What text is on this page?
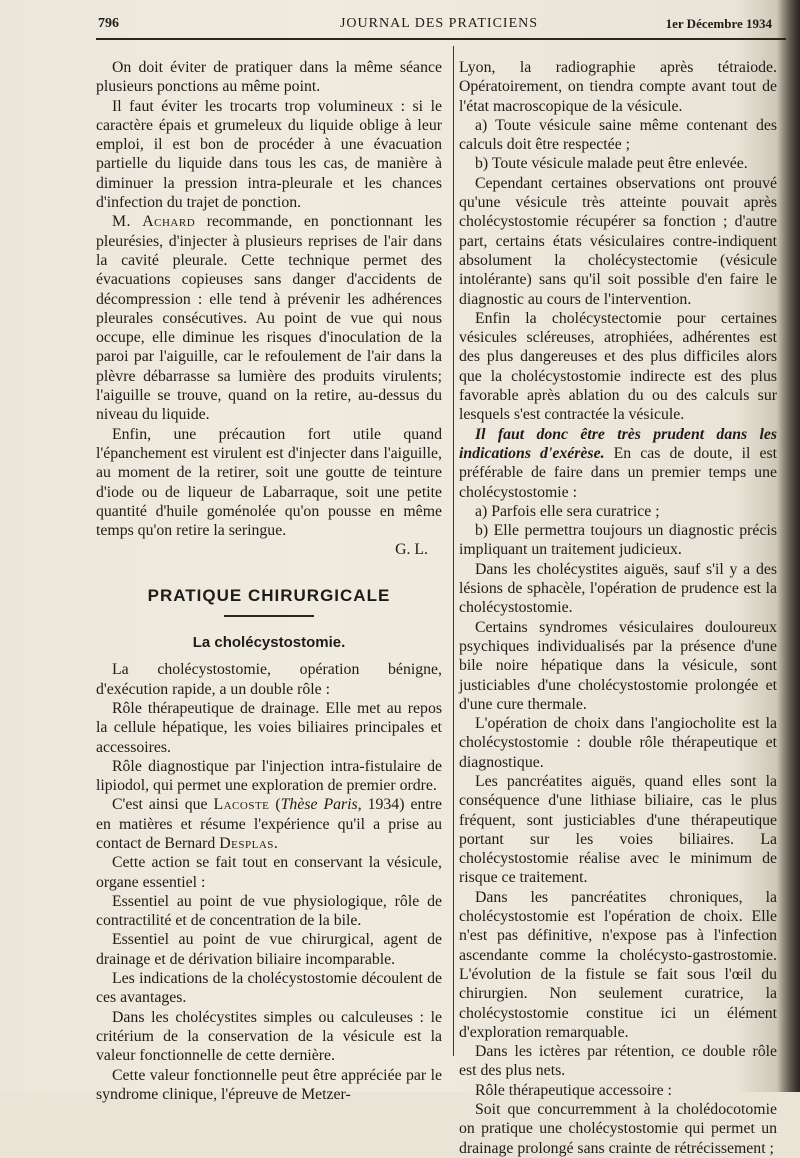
796	JOURNAL DES PRATICIENS	1er Décembre 1934

On doit éviter de pratiquer dans la même séance plusieurs ponctions au même point.

Il faut éviter les trocarts trop volumineux : si le caractère épais et grumeleux du liquide oblige à leur emploi, il est bon de procéder à une évacuation partielle du liquide dans tous les cas, de manière à diminuer la pression intra-pleurale et les chances d'infection du trajet de ponction.

M. Achard recommande, en ponctionnant les pleurésies, d'injecter à plusieurs reprises de l'air dans la cavité pleurale. Cette technique permet des évacuations copieuses sans danger d'accidents de décompression : elle tend à prévenir les adhérences pleurales consécutives. Au point de vue qui nous occupe, elle diminue les risques d'inoculation de la paroi par l'aiguille, car le refoulement de l'air dans la plèvre débarrasse sa lumière des produits virulents; l'aiguille se trouve, quand on la retire, au-dessus du niveau du liquide.

Enfin, une précaution fort utile quand l'épanchement est virulent est d'injecter dans l'aiguille, au moment de la retirer, soit une goutte de teinture d'iode ou de liqueur de Labarraque, soit une petite quantité d'huile goménolée qu'on pousse en même temps qu'on retire la seringue.

G. L.

PRATIQUE CHIRURGICALE

La cholécystostomie.

La cholécystostomie, opération bénigne, d'exécution rapide, a un double rôle :

Rôle thérapeutique de drainage. Elle met au repos la cellule hépatique, les voies biliaires principales et accessoires.

Rôle diagnostique par l'injection intra-fistulaire de lipiodol, qui permet une exploration de premier ordre.

C'est ainsi que Lacoste (Thèse Paris, 1934) entre en matières et résume l'expérience qu'il a prise au contact de Bernard Desplas.

Cette action se fait tout en conservant la vésicule, organe essentiel :

Essentiel au point de vue physiologique, rôle de contractilité et de concentration de la bile.

Essentiel au point de vue chirurgical, agent de drainage et de dérivation biliaire incomparable.

Les indications de la cholécystostomie découlent de ces avantages.

Dans les cholécystites simples ou calculeuses : le critérium de la conservation de la vésicule est la valeur fonctionnelle de cette dernière.

Cette valeur fonctionnelle peut être appréciée par le syndrome clinique, l'épreuve de Metzer-

Lyon, la radiographie après tétraiode. Opératoirement, on tiendra compte avant tout de l'état macroscopique de la vésicule.

a) Toute vésicule saine même contenant des calculs doit être respectée ;

b) Toute vésicule malade peut être enlevée.

Cependant certaines observations ont prouvé qu'une vésicule très atteinte pouvait après cholécystostomie récupérer sa fonction ; d'autre part, certains états vésiculaires contre-indiquent absolument la cholécystectomie (vésicule intolérante) sans qu'il soit possible d'en faire le diagnostic au cours de l'intervention.

Enfin la cholécystectomie pour certaines vésicules scléreuses, atrophiées, adhérentes est des plus dangereuses et des plus difficiles alors que la cholécystostomie indirecte est des plus favorable après ablation du ou des calculs sur lesquels s'est contractée la vésicule.

Il faut donc être très prudent dans les indications d'exérèse. En cas de doute, il est préférable de faire dans un premier temps une cholécystostomie :

a) Parfois elle sera curatrice ;

b) Elle permettra toujours un diagnostic précis impliquant un traitement judicieux.

Dans les cholécystites aiguës, sauf s'il y a des lésions de sphacèle, l'opération de prudence est la cholécystostomie.

Certains syndromes vésiculaires douloureux psychiques individualisés par la présence d'une bile noire hépatique dans la vésicule, sont justiciables d'une cholécystostomie prolongée et d'une cure thermale.

L'opération de choix dans l'angiocholite est la cholécystostomie : double rôle thérapeutique et diagnostique.

Les pancréatites aiguës, quand elles sont la conséquence d'une lithiase biliaire, cas le plus fréquent, sont justiciables d'une thérapeutique portant sur les voies biliaires. La cholécystostomie réalise avec le minimum de risque ce traitement.

Dans les pancréatites chroniques, la cholécystostomie est l'opération de choix. Elle n'est pas définitive, n'expose pas à l'infection ascendante comme la cholécysto-gastrostomie. L'évolution de la fistule se fait sous l'œil du chirurgien. Non seulement curatrice, la cholécystostomie constitue ici un élément d'exploration remarquable.

Dans les ictères par rétention, ce double rôle est des plus nets.

Rôle thérapeutique accessoire :

Soit que concurremment à la cholédocotomie on pratique une cholécystostomie qui permet un drainage prolongé sans crainte de rétrécissement ;
